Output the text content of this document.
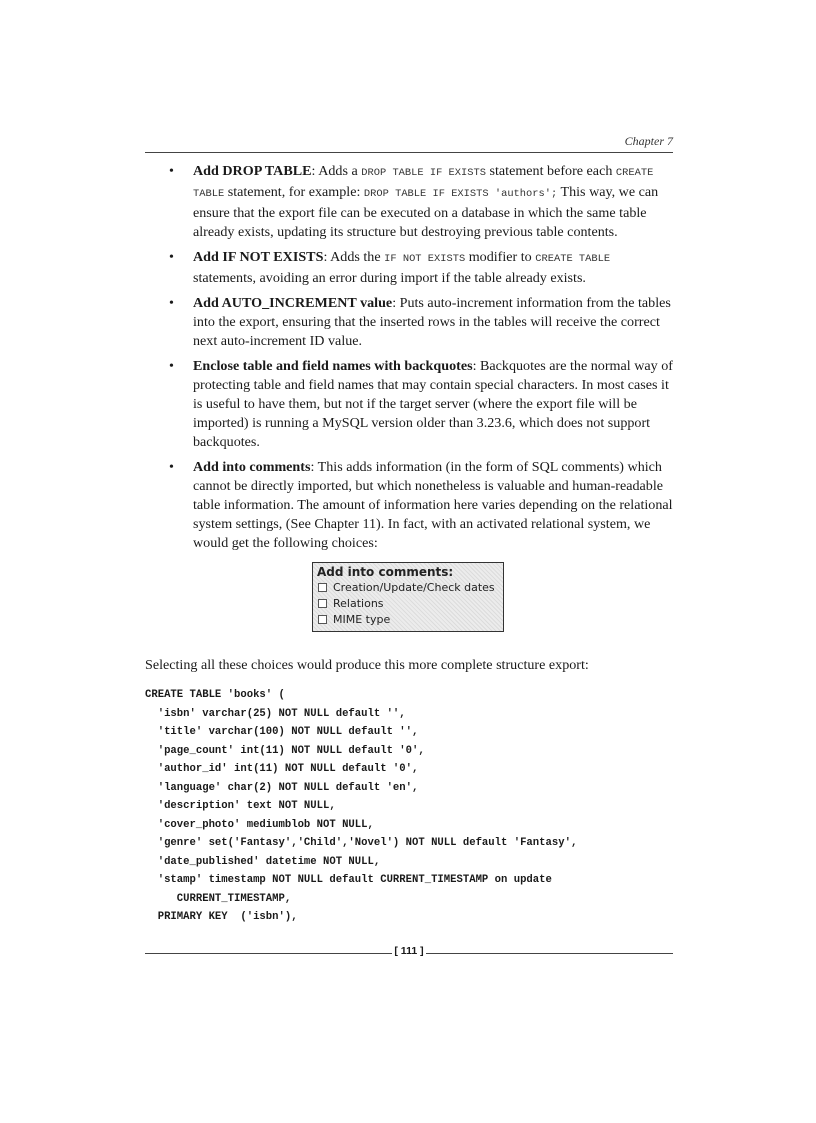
Chapter 7
• Add DROP TABLE: Adds a DROP TABLE IF EXISTS statement before each CREATE TABLE statement, for example: DROP TABLE IF EXISTS 'authors'; This way, we can ensure that the export file can be executed on a database in which the same table already exists, updating its structure but destroying previous table contents.
• Add IF NOT EXISTS: Adds the IF NOT EXISTS modifier to CREATE TABLE statements, avoiding an error during import if the table already exists.
• Add AUTO_INCREMENT value: Puts auto-increment information from the tables into the export, ensuring that the inserted rows in the tables will receive the correct next auto-increment ID value.
• Enclose table and field names with backquotes: Backquotes are the normal way of protecting table and field names that may contain special characters. In most cases it is useful to have them, but not if the target server (where the export file will be imported) is running a MySQL version older than 3.23.6, which does not support backquotes.
• Add into comments: This adds information (in the form of SQL comments) which cannot be directly imported, but which nonetheless is valuable and human-readable table information. The amount of information here varies depending on the relational system settings, (See Chapter 11). In fact, with an activated relational system, we would get the following choices:
Add into comments:
Creation/Update/Check dates
Relations
MIME type

Selecting all these choices would produce this more complete structure export:

CREATE TABLE 'books' (
'isbn' varchar(25) NOT NULL default '',
'title' varchar(100) NOT NULL default '',
'page_count' int(11) NOT NULL default '0',
'author_id' int(11) NOT NULL default '0',
'language' char(2) NOT NULL default 'en',
'description' text NOT NULL,
'cover_photo' mediumblob NOT NULL,
'genre' set('Fantasy','Child','Novel') NOT NULL default 'Fantasy',
'date_published' datetime NOT NULL,
'stamp' timestamp NOT NULL default CURRENT_TIMESTAMP on update
CURRENT_TIMESTAMP,
PRIMARY KEY  ('isbn'),
[ 111 ]
